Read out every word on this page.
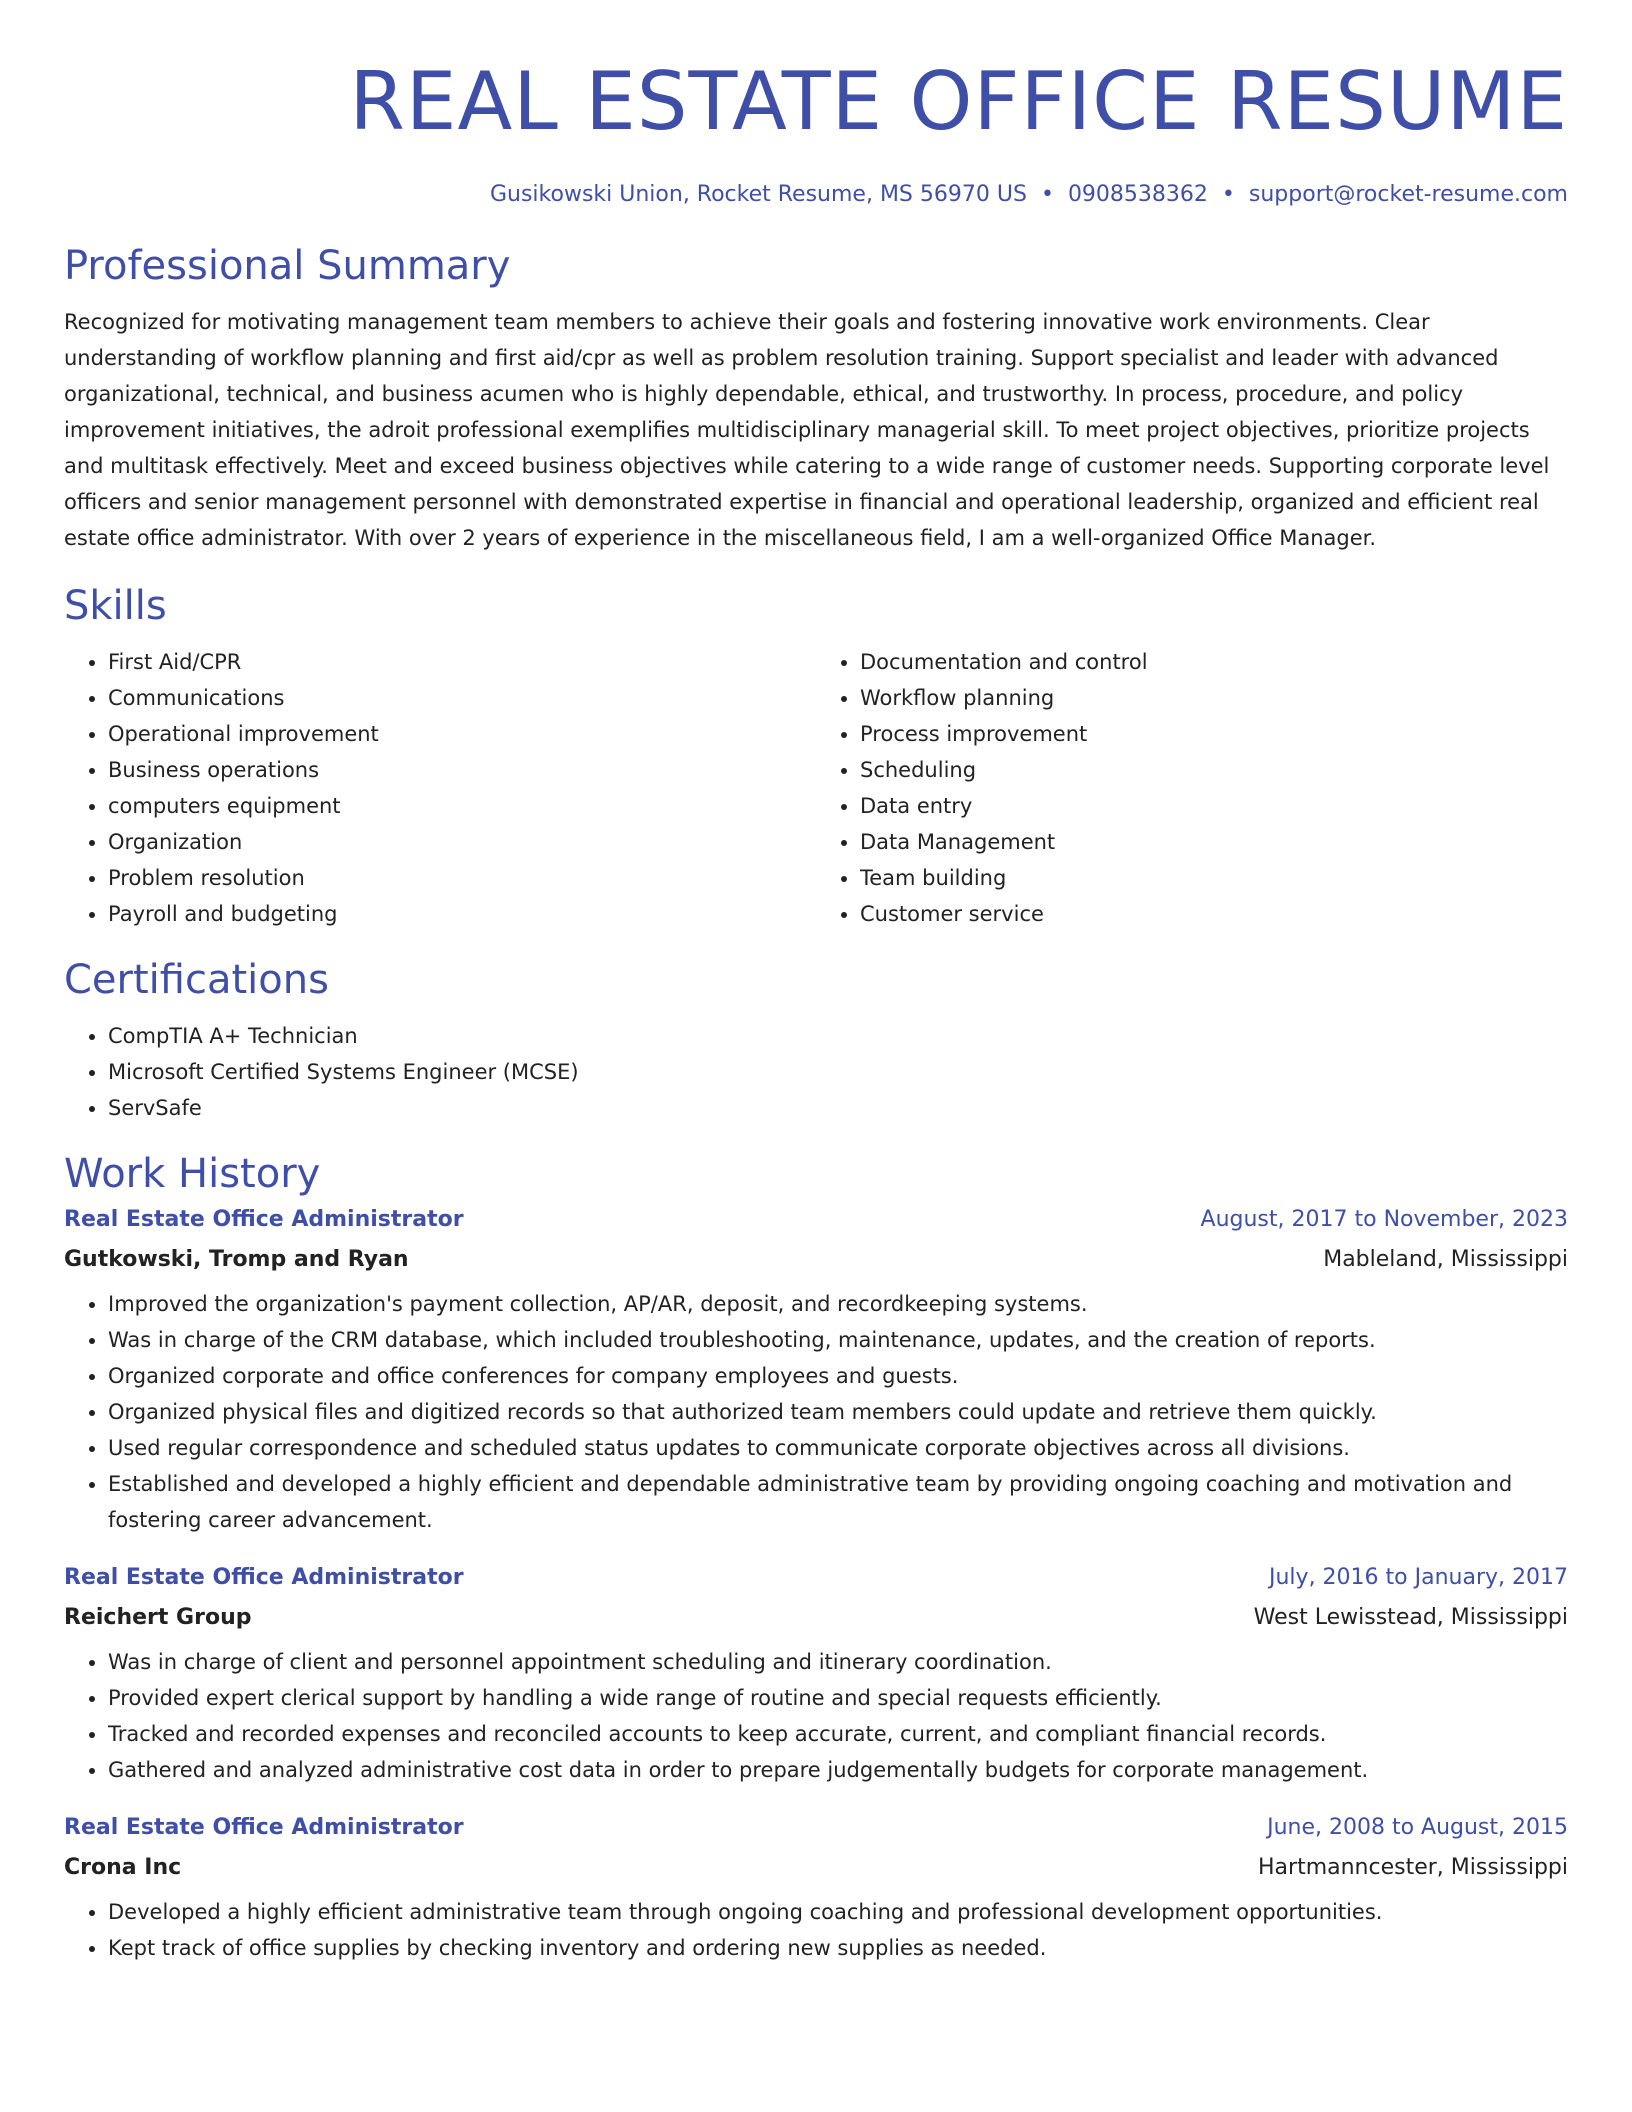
REAL ESTATE OFFICE RESUME
Gusikowski Union, Rocket Resume, MS 56970 US • 0908538362 • support@rocket-resume.com
Professional Summary

Recognized for motivating management team members to achieve their goals and fostering innovative work environments. Clear understanding of workflow planning and first aid/cpr as well as problem resolution training. Support specialist and leader with advanced organizational, technical, and business acumen who is highly dependable, ethical, and trustworthy. In process, procedure, and policy improvement initiatives, the adroit professional exemplifies multidisciplinary managerial skill. To meet project objectives, prioritize projects and multitask effectively. Meet and exceed business objectives while catering to a wide range of customer needs. Supporting corporate level officers and senior management personnel with demonstrated expertise in financial and operational leadership, organized and efficient real estate office administrator. With over 2 years of experience in the miscellaneous field, I am a well-organized Office Manager.

Skills
• First Aid/CPR
• Communications
• Operational improvement
• Business operations
• computers equipment
• Organization
• Problem resolution
• Payroll and budgeting
• Documentation and control
• Workflow planning
• Process improvement
• Scheduling
• Data entry
• Data Management
• Team building
• Customer service
Certifications
• CompTIA A+ Technician
• Microsoft Certified Systems Engineer (MCSE)
• ServSafe
Work History
Real Estate Office Administrator	August, 2017 to November, 2023
Gutkowski, Tromp and Ryan	Mableland, Mississippi
• Improved the organization's payment collection, AP/AR, deposit, and recordkeeping systems.
• Was in charge of the CRM database, which included troubleshooting, maintenance, updates, and the creation of reports.
• Organized corporate and office conferences for company employees and guests.
• Organized physical files and digitized records so that authorized team members could update and retrieve them quickly.
• Used regular correspondence and scheduled status updates to communicate corporate objectives across all divisions.
• Established and developed a highly efficient and dependable administrative team by providing ongoing coaching and motivation and fostering career advancement.
Real Estate Office Administrator	July, 2016 to January, 2017
Reichert Group	West Lewisstead, Mississippi
• Was in charge of client and personnel appointment scheduling and itinerary coordination.
• Provided expert clerical support by handling a wide range of routine and special requests efficiently.
• Tracked and recorded expenses and reconciled accounts to keep accurate, current, and compliant financial records.
• Gathered and analyzed administrative cost data in order to prepare judgementally budgets for corporate management.
Real Estate Office Administrator	June, 2008 to August, 2015
Crona Inc	Hartmanncester, Mississippi
• Developed a highly efficient administrative team through ongoing coaching and professional development opportunities.
• Kept track of office supplies by checking inventory and ordering new supplies as needed.
